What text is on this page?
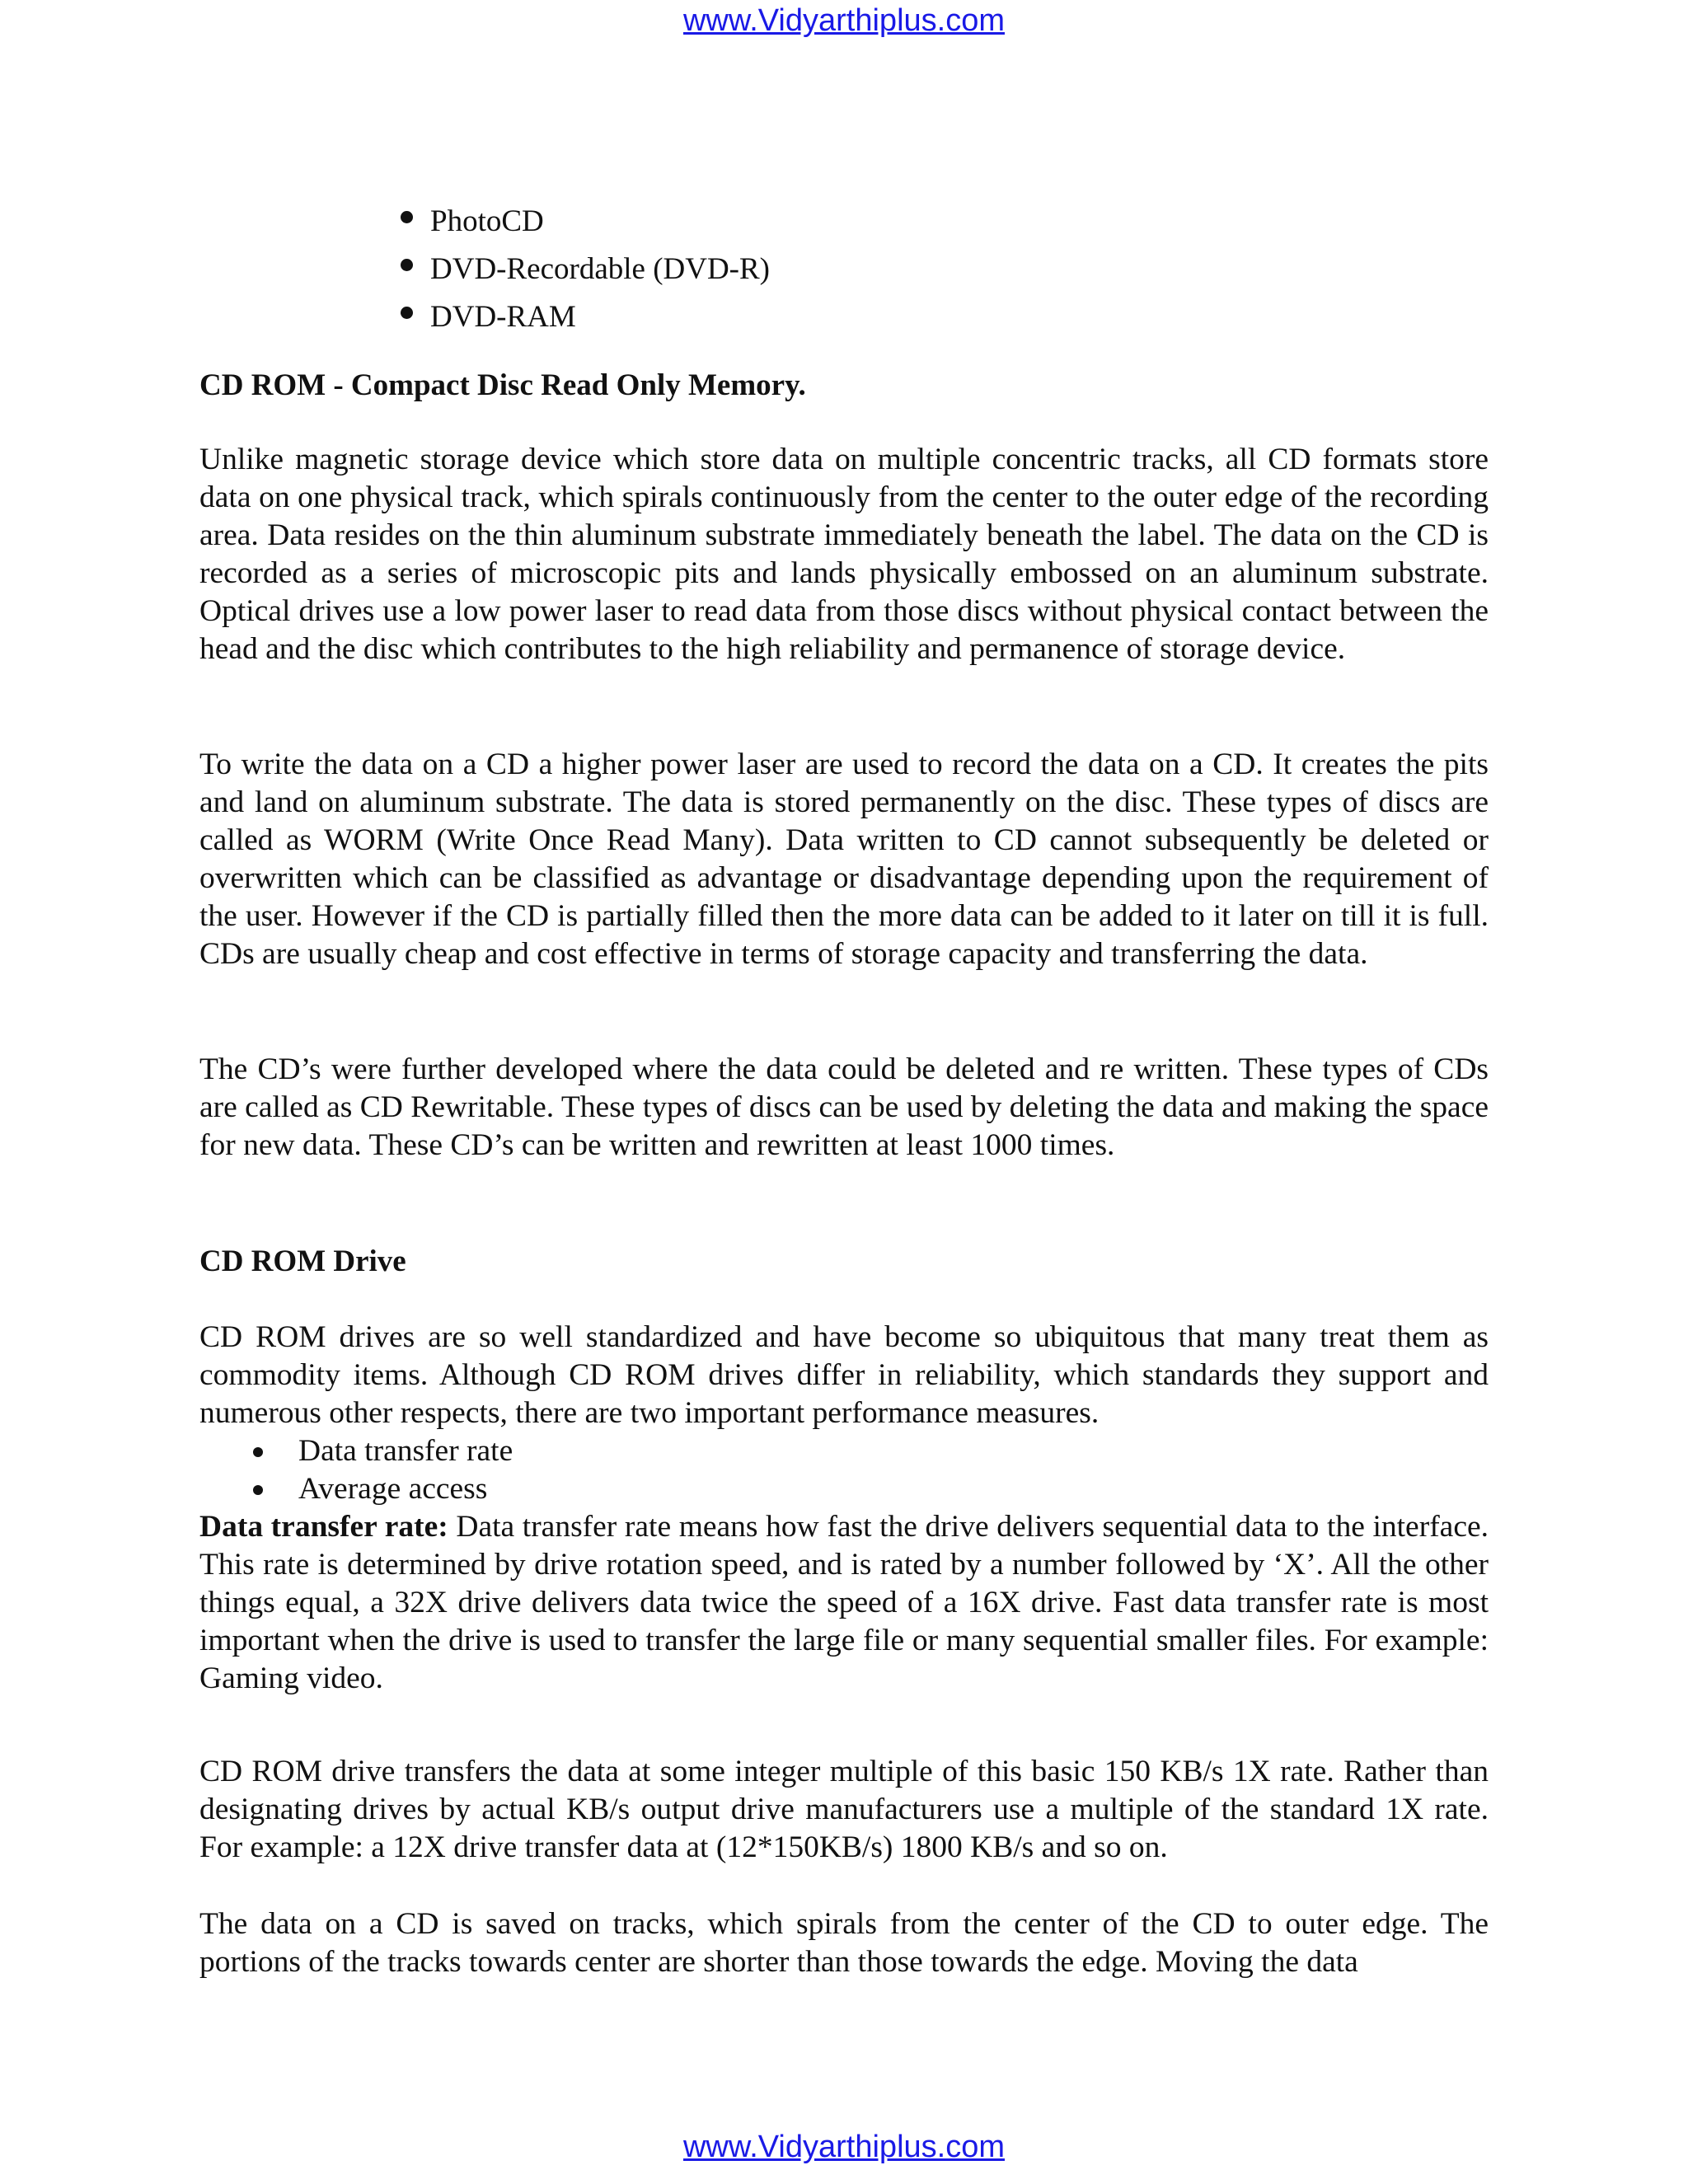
www.Vidyarthiplus.com
PhotoCD
DVD-Recordable (DVD-R)
DVD-RAM
CD ROM - Compact Disc Read Only Memory.

Unlike magnetic storage device which store data on multiple concentric tracks, all CD formats store data on one physical track, which spirals continuously from the center to the outer edge of the recording area. Data resides on the thin aluminum substrate immediately beneath the label. The data on the CD is recorded as a series of microscopic pits and lands physically embossed on an aluminum substrate. Optical drives use a low power laser to read data from those discs without physical contact between the head and the disc which contributes to the high reliability and permanence of storage device.

To write the data on a CD a higher power laser are used to record the data on a CD. It creates the pits and land on aluminum substrate. The data is stored permanently on the disc. These types of discs are called as WORM (Write Once Read Many). Data written to CD cannot subsequently be deleted or overwritten which can be classified as advantage or disadvantage depending upon the requirement of the user. However if the CD is partially filled then the more data can be added to it later on till it is full. CDs are usually cheap and cost effective in terms of storage capacity and transferring the data.

The CD’s were further developed where the data could be deleted and re written. These types of CDs are called as CD Rewritable. These types of discs can be used by deleting the data and making the space for new data. These CD’s can be written and rewritten at least 1000 times.

CD ROM Drive

CD ROM drives are so well standardized and have become so ubiquitous that many treat them as commodity items. Although CD ROM drives differ in reliability, which standards they support and numerous other respects, there are two important performance measures.

Data transfer rate
Average access

Data transfer rate: Data transfer rate means how fast the drive delivers sequential data to the interface. This rate is determined by drive rotation speed, and is rated by a number followed by ‘X’. All the other things equal, a 32X drive delivers data twice the speed of a 16X drive. Fast data transfer rate is most important when the drive is used to transfer the large file or many sequential smaller files. For example: Gaming video.

CD ROM drive transfers the data at some integer multiple of this basic 150 KB/s 1X rate. Rather than designating drives by actual KB/s output drive manufacturers use a multiple of the standard 1X rate. For example: a 12X drive transfer data at (12*150KB/s) 1800 KB/s and so on.

The data on a CD is saved on tracks, which spirals from the center of the CD to outer edge. The portions of the tracks towards center are shorter than those towards the edge. Moving the data

www.Vidyarthiplus.com
